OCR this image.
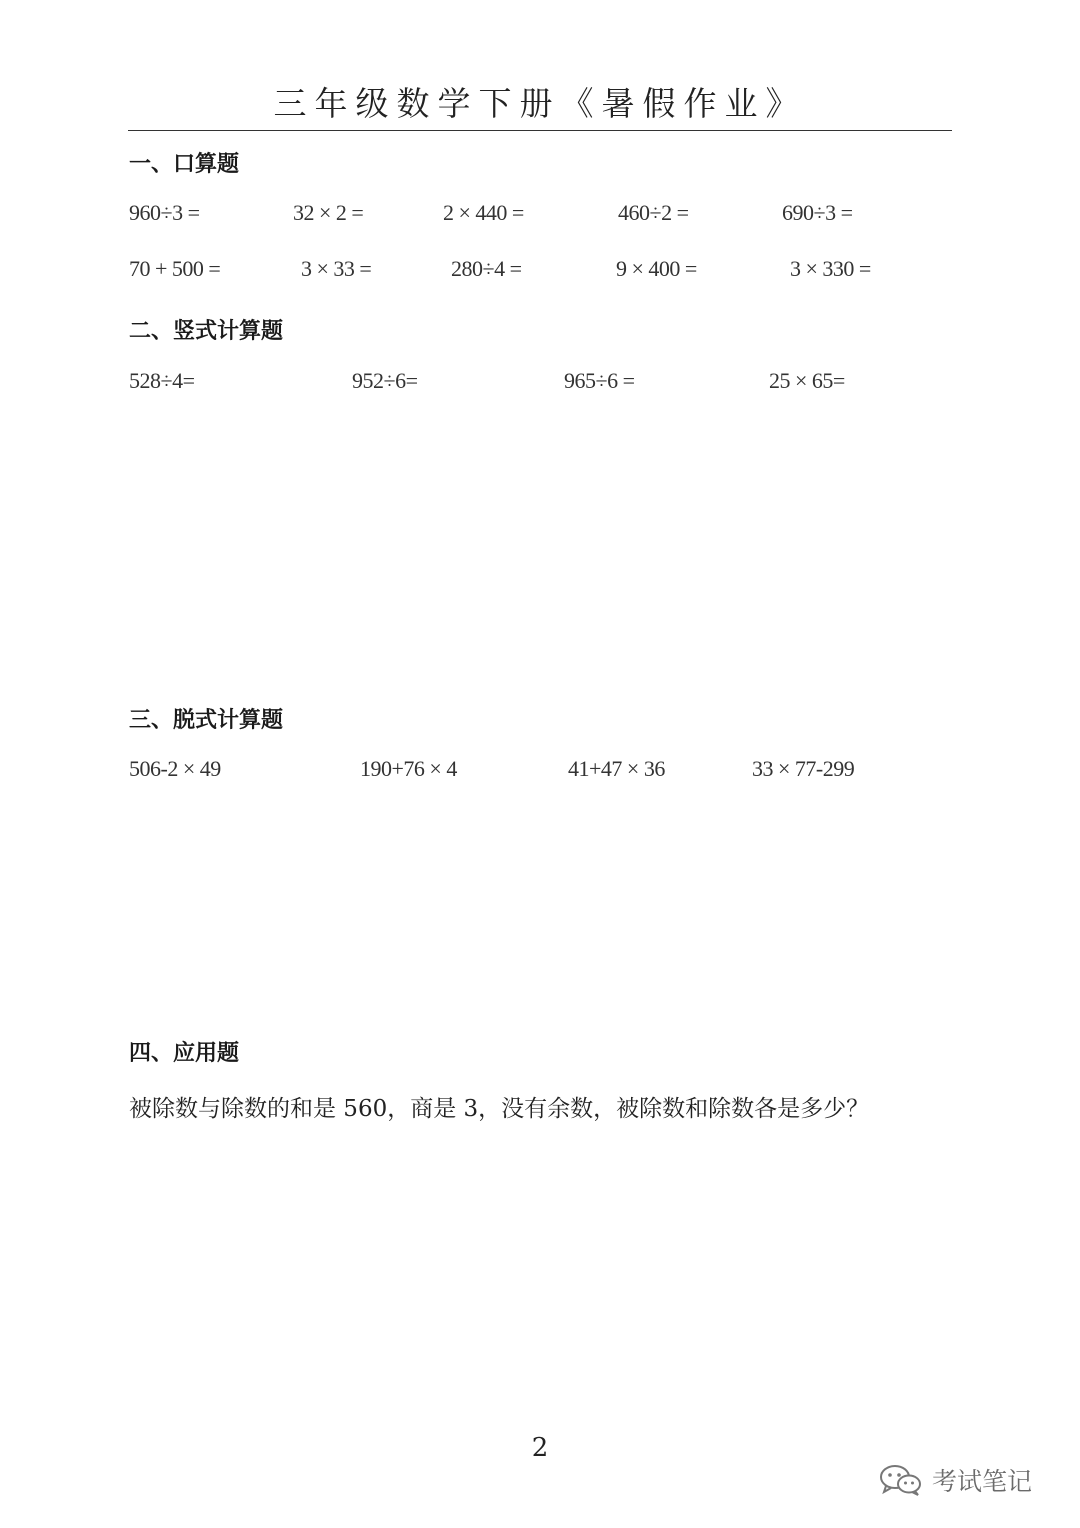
三年级数学下册《暑假作业》
一、口算题
960÷3 =	32 × 2 =	2 × 440 =	460÷2 =	690÷3 =
70 + 500 =	3 × 33 =	280÷4 =	9 × 400 =	3 × 330 =
二、竖式计算题
528÷4=	952÷6=	965÷6 =	25 × 65=
三、脱式计算题
506-2 × 49	190+76 × 4	41+47 × 36	33 × 77-299
四、应用题
被除数与除数的和是 560，商是 3，没有余数，被除数和除数各是多少？
2
考试笔记
